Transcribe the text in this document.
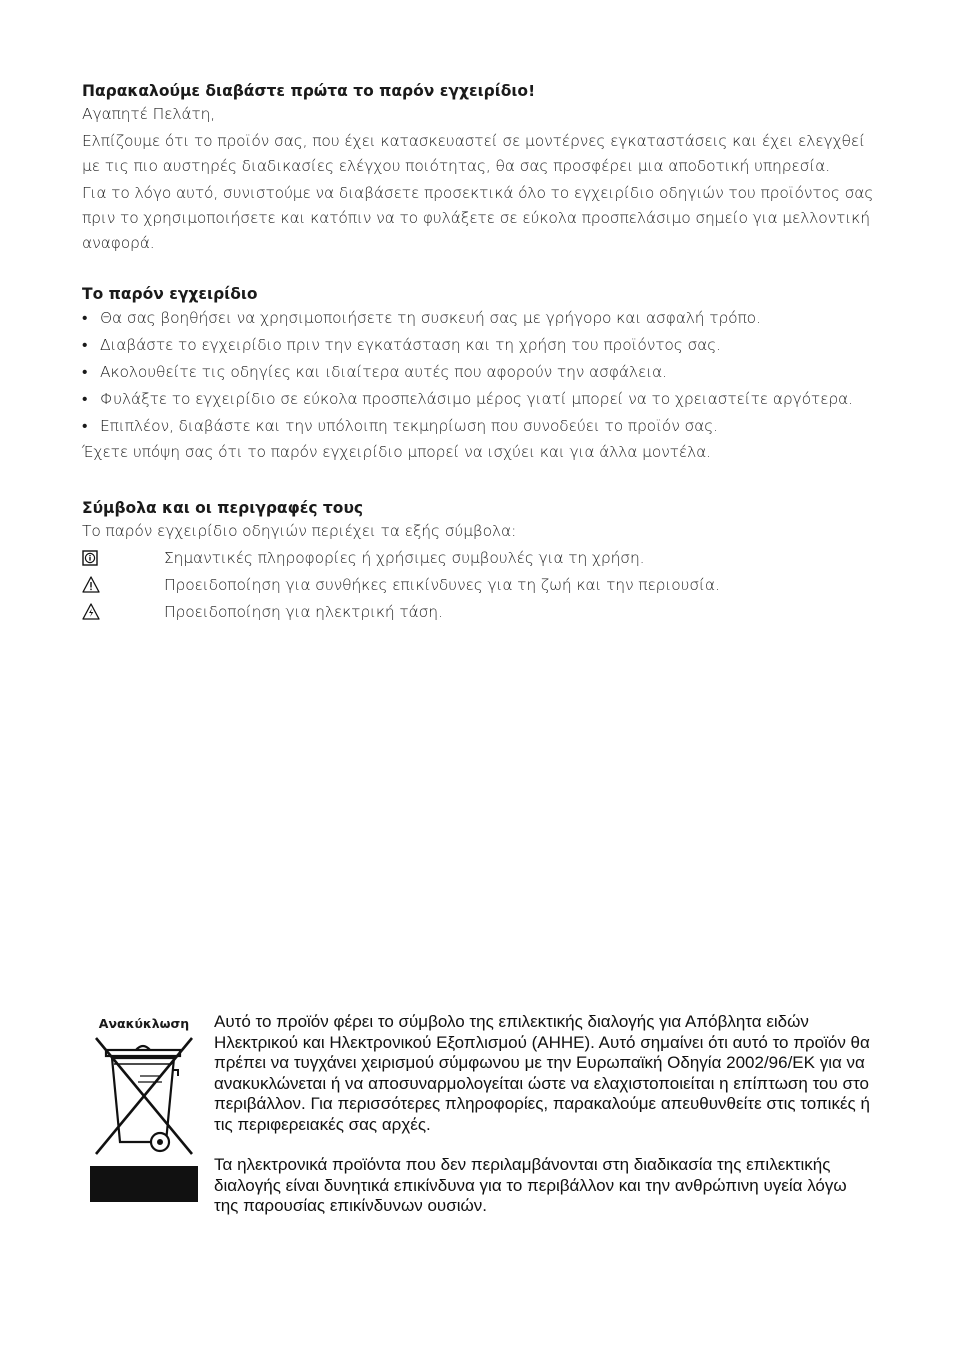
Παρακαλούμε διαβάστε πρώτα το παρόν εγχειρίδιο!

Αγαπητέ Πελάτη,

Ελπίζουμε ότι το προϊόν σας, που έχει κατασκευαστεί σε μοντέρνες εγκαταστάσεις και έχει ελεγχθεί με τις πιο αυστηρές διαδικασίες ελέγχου ποιότητας, θα σας προσφέρει μια αποδοτική υπηρεσία.

Για το λόγο αυτό, συνιστούμε να διαβάσετε προσεκτικά όλο το εγχειρίδιο οδηγιών του προϊόντος σας πριν το χρησιμοποιήσετε και κατόπιν να το φυλάξετε σε εύκολα προσπελάσιμο σημείο για μελλοντική αναφορά.

Το παρόν εγχειρίδιο

• Θα σας βοηθήσει να χρησιμοποιήσετε τη συσκευή σας με γρήγορο και ασφαλή τρόπο.
• Διαβάστε το εγχειρίδιο πριν την εγκατάσταση και τη χρήση του προϊόντος σας.
• Ακολουθείτε τις οδηγίες και ιδιαίτερα αυτές που αφορούν την ασφάλεια.
• Φυλάξτε το εγχειρίδιο σε εύκολα προσπελάσιμο μέρος γιατί μπορεί να το χρειαστείτε αργότερα.
• Επιπλέον, διαβάστε και την υπόλοιπη τεκμηρίωση που συνοδεύει το προϊόν σας.

Έχετε υπόψη σας ότι το παρόν εγχειρίδιο μπορεί να ισχύει και για άλλα μοντέλα.

Σύμβολα και οι περιγραφές τους

Το παρόν εγχειρίδιο οδηγιών περιέχει τα εξής σύμβολα:

Σημαντικές πληροφορίες ή χρήσιμες συμβουλές για τη χρήση.
Προειδοποίηση για συνθήκες επικίνδυνες για τη ζωή και την περιουσία.
Προειδοποίηση για ηλεκτρική τάση.
Ανακύκλωση	Αυτό το προϊόν φέρει το σύμβολο της επιλεκτικής διαλογής για Απόβλητα ειδών Ηλεκτρικού και Ηλεκτρονικού Εξοπλισμού (ΑΗΗΕ). Αυτό σημαίνει ότι αυτό το προϊόν θα πρέπει να τυγχάνει χειρισμού σύμφωνου με την Ευρωπαϊκή Οδηγία 2002/96/ΕΚ για να ανακυκλώνεται ή να αποσυναρμολογείται ώστε να ελαχιστοποιείται η επίπτωση του στο περιβάλλον. Για περισσότερες πληροφορίες, παρακαλούμε απευθυνθείτε στις τοπικές ή τις περιφερειακές σας αρχές.

Τα ηλεκτρονικά προϊόντα που δεν περιλαμβάνονται στη διαδικασία της επιλεκτικής διαλογής είναι δυνητικά επικίνδυνα για το περιβάλλον και την ανθρώπινη υγεία λόγω της παρουσίας επικίνδυνων ουσιών.
